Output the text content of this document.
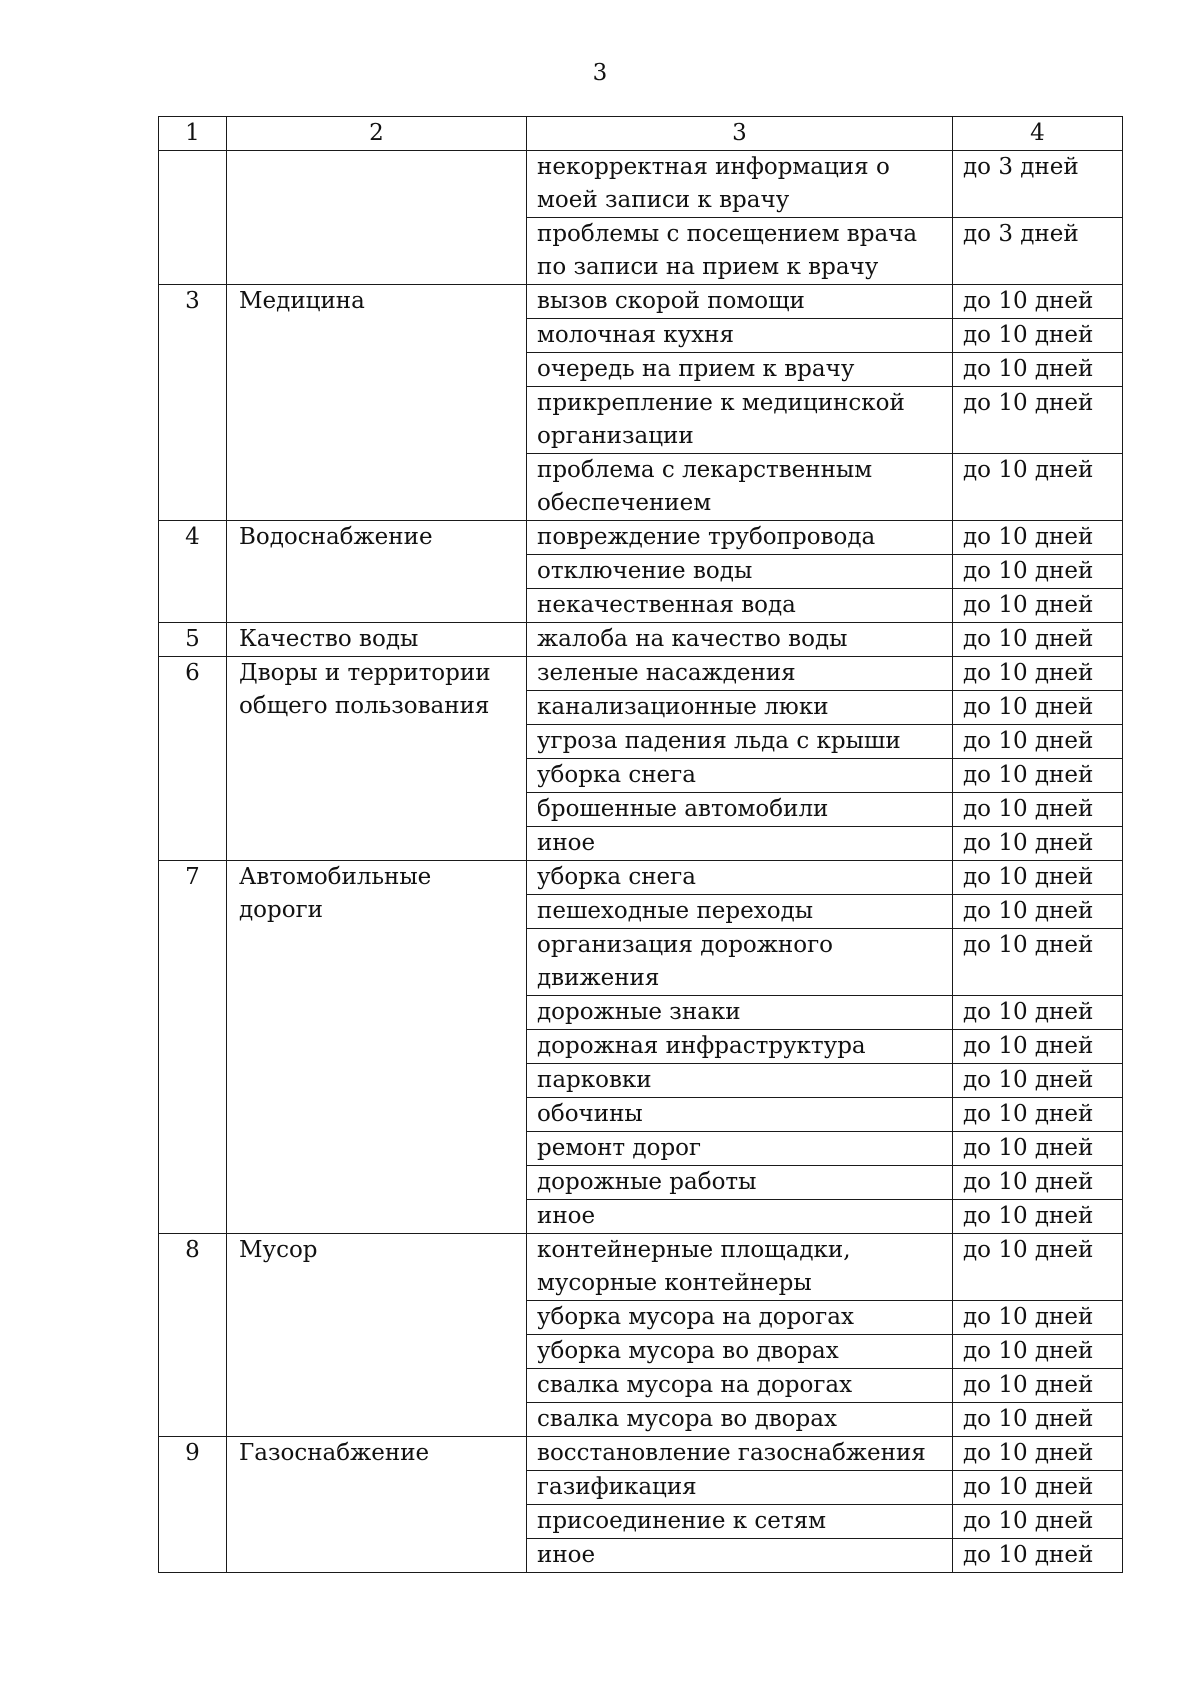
3
1	2	3	4
		некорректная информация о моей записи к врачу	до 3 дней
		проблемы с посещением врача по записи на прием к врачу	до 3 дней
3	Медицина	вызов скорой помощи	до 10 дней
		молочная кухня	до 10 дней
		очередь на прием к врачу	до 10 дней
		прикрепление к медицинской организации	до 10 дней
		проблема с лекарственным обеспечением	до 10 дней
4	Водоснабжение	повреждение трубопровода	до 10 дней
		отключение воды	до 10 дней
		некачественная вода	до 10 дней
5	Качество воды	жалоба на качество воды	до 10 дней
6	Дворы и территории общего пользования	зеленые насаждения	до 10 дней
		канализационные люки	до 10 дней
		угроза падения льда с крыши	до 10 дней
		уборка снега	до 10 дней
		брошенные автомобили	до 10 дней
		иное	до 10 дней
7	Автомобильные дороги	уборка снега	до 10 дней
		пешеходные переходы	до 10 дней
		организация дорожного движения	до 10 дней
		дорожные знаки	до 10 дней
		дорожная инфраструктура	до 10 дней
		парковки	до 10 дней
		обочины	до 10 дней
		ремонт дорог	до 10 дней
		дорожные работы	до 10 дней
		иное	до 10 дней
8	Мусор	контейнерные площадки, мусорные контейнеры	до 10 дней
		уборка мусора на дорогах	до 10 дней
		уборка мусора во дворах	до 10 дней
		свалка мусора на дорогах	до 10 дней
		свалка мусора во дворах	до 10 дней
9	Газоснабжение	восстановление газоснабжения	до 10 дней
		газификация	до 10 дней
		присоединение к сетям	до 10 дней
		иное	до 10 дней
